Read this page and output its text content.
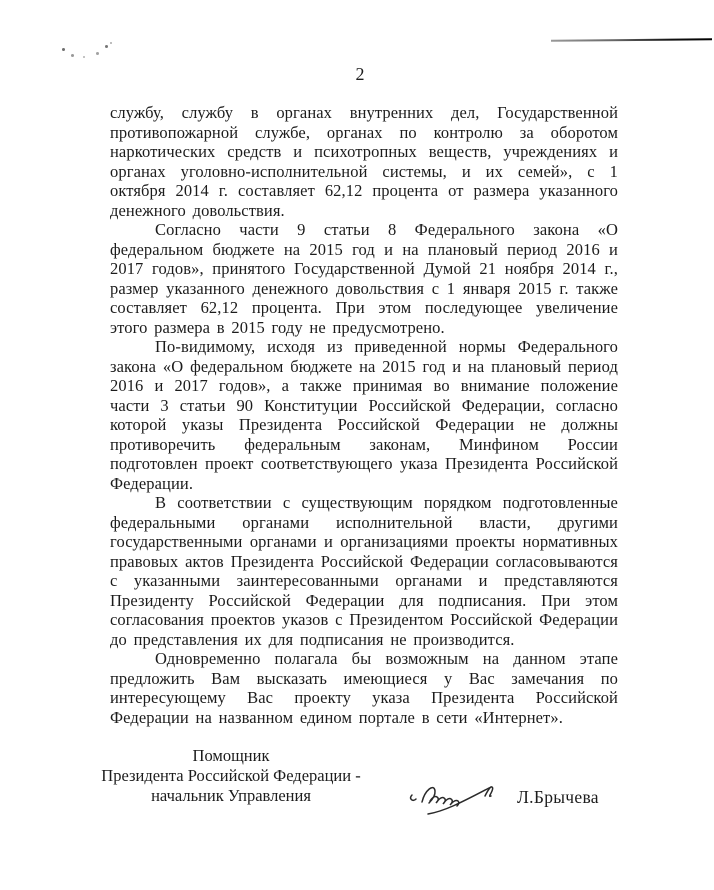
2

службу, службу в органах внутренних дел, Государственной противопожарной службе, органах по контролю за оборотом наркотических средств и психотропных веществ, учреждениях и органах уголовно-исполнительной системы, и их семей», с 1 октября 2014 г. составляет 62,12 процента от размера указанного денежного довольствия.

Согласно части 9 статьи 8 Федерального закона «О федеральном бюджете на 2015 год и на плановый период 2016 и 2017 годов», принятого Государственной Думой 21 ноября 2014 г., размер указанного денежного довольствия с 1 января 2015 г. также составляет 62,12 процента. При этом последующее увеличение этого размера в 2015 году не предусмотрено.

По-видимому, исходя из приведенной нормы Федерального закона «О федеральном бюджете на 2015 год и на плановый период 2016 и 2017 годов», а также принимая во внимание положение части 3 статьи 90 Конституции Российской Федерации, согласно которой указы Президента Российской Федерации не должны противоречить федеральным законам, Минфином России подготовлен проект соответствующего указа Президента Российской Федерации.

В соответствии с существующим порядком подготовленные федеральными органами исполнительной власти, другими государственными органами и организациями проекты нормативных правовых актов Президента Российской Федерации согласовываются с указанными заинтересованными органами и представляются Президенту Российской Федерации для подписания. При этом согласования проектов указов с Президентом Российской Федерации до представления их для подписания не производится.

Одновременно полагала бы возможным на данном этапе предложить Вам высказать имеющиеся у Вас замечания по интересующему Вас проекту указа Президента Российской Федерации на названном едином портале в сети «Интернет».

Помощник
Президента Российской Федерации -
начальник Управления	Л.Брычева
